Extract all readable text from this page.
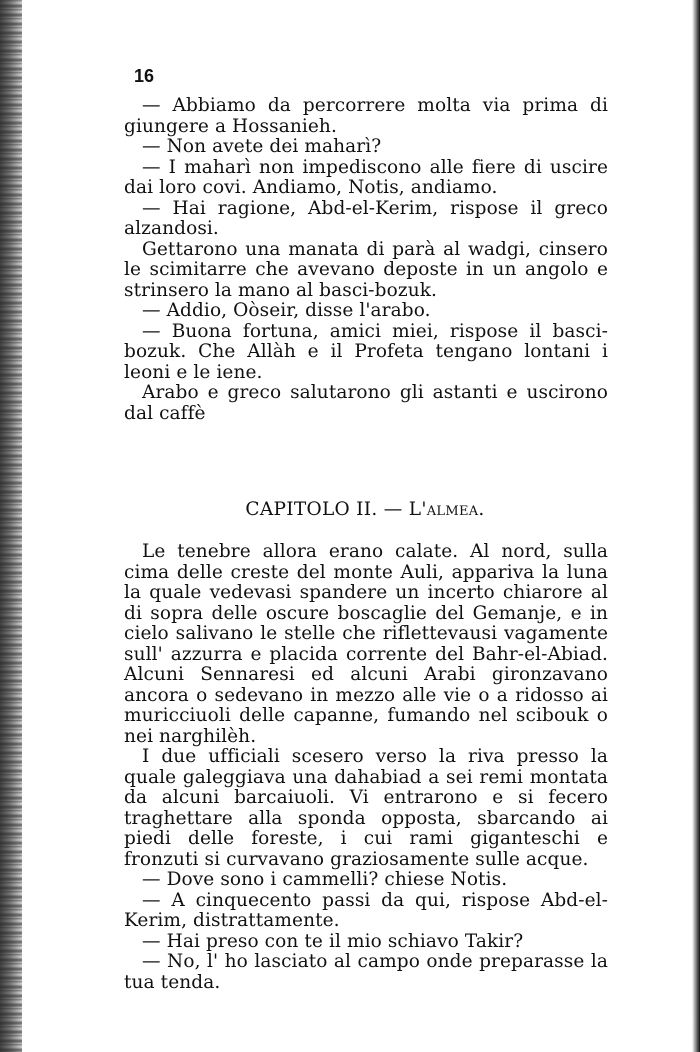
16

— Abbiamo da percorrere molta via prima di giungere a Hossanieh.

— Non avete dei maharì?

— I maharì non impediscono alle fiere di uscire dai loro covi. Andiamo, Notis, andiamo.

— Hai ragione, Abd-el-Kerim, rispose il greco alzandosi.

Gettarono una manata di parà al wadgi, cinsero le scimitarre che avevano deposte in un angolo e strinsero la mano al basci-bozuk.

— Addio, Oòseir, disse l'arabo.

— Buona fortuna, amici miei, rispose il basci-bozuk. Che Allàh e il Profeta tengano lontani i leoni e le iene.

Arabo e greco salutarono gli astanti e uscirono dal caffè

CAPITOLO II. — L'almea.

Le tenebre allora erano calate. Al nord, sulla cima delle creste del monte Auli, appariva la luna la quale vedevasi spandere un incerto chiarore al di sopra delle oscure boscaglie del Gemanje, e in cielo salivano le stelle che riflettevausi vagamente sull' azzurra e placida corrente del Bahr-el-Abiad. Alcuni Sennaresi ed alcuni Arabi gironzavano ancora o sedevano in mezzo alle vie o a ridosso ai muricciuoli delle capanne, fumando nel scibouk o nei narghilèh.

I due ufficiali scesero verso la riva presso la quale galeggiava una dahabiad a sei remi montata da alcuni barcaiuoli. Vi entrarono e si fecero traghettare alla sponda opposta, sbarcando ai piedi delle foreste, i cui rami giganteschi e fronzuti si curvavano graziosamente sulle acque.

— Dove sono i cammelli? chiese Notis.

— A cinquecento passi da qui, rispose Abd-el-Kerim, distrattamente.

— Hai preso con te il mio schiavo Takir?

— No, l' ho lasciato al campo onde preparasse la tua tenda.
